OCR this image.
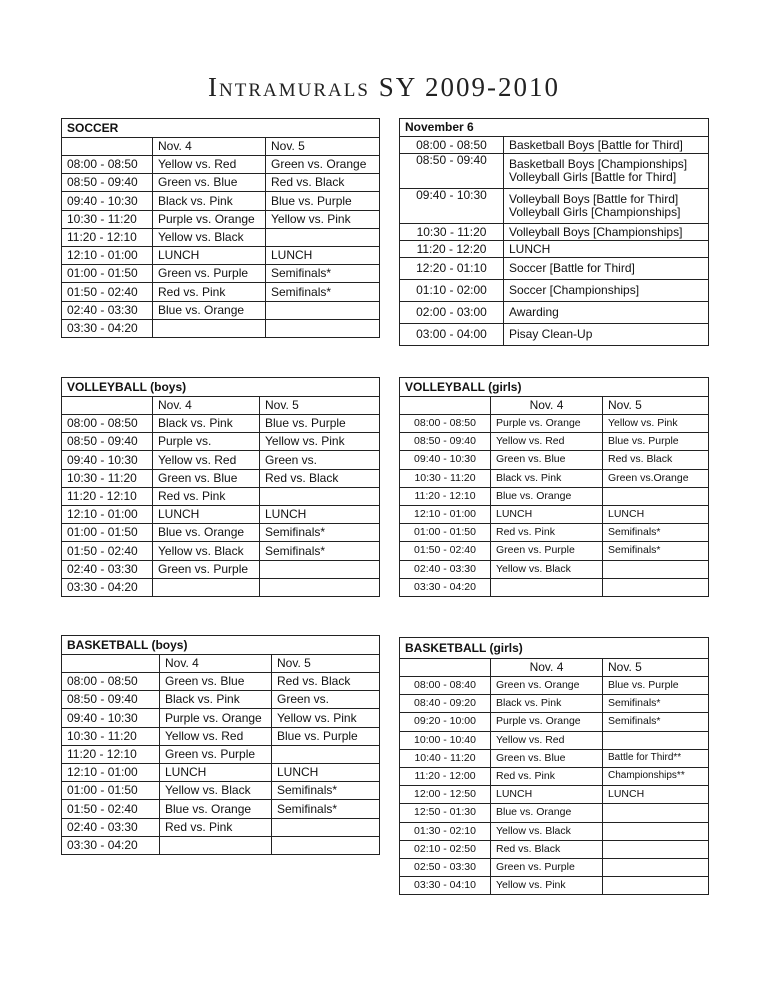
Intramurals SY 2009-2010
SOCCER		
	Nov. 4	Nov. 5
08:00 - 08:50	Yellow vs. Red	Green vs. Orange
08:50 - 09:40	Green vs. Blue	Red vs. Black
09:40 - 10:30	Black vs. Pink	Blue vs. Purple
10:30 - 11:20	Purple vs. Orange	Yellow vs. Pink
11:20 - 12:10	Yellow vs. Black	
12:10 - 01:00	LUNCH	LUNCH
01:00 - 01:50	Green vs. Purple	Semifinals*
01:50 - 02:40	Red vs. Pink	Semifinals*
02:40 - 03:30	Blue vs. Orange	
03:30 - 04:20		
November 6	
08:00 - 08:50	Basketball Boys [Battle for Third]

08:50 - 09:40	Basketball Boys [Championships]
Volleyball Girls [Battle for Third]

09:40 - 10:30	Volleyball Boys [Battle for Third]
Volleyball Girls [Championships]

10:30 - 11:20	Volleyball Boys [Championships]

11:20 - 12:20	LUNCH

12:20 - 01:10	Soccer [Battle for Third]

01:10 - 02:00	Soccer [Championships]

02:00 - 03:00	Awarding

03:00 - 04:00	Pisay Clean-Up
VOLLEYBALL (boys)		
	Nov. 4	Nov. 5
08:00 - 08:50	Black vs. Pink	Blue vs. Purple
08:50 - 09:40	Purple vs.	Yellow vs. Pink
09:40 - 10:30	Yellow vs. Red	Green vs.
10:30 - 11:20	Green vs. Blue	Red vs. Black
11:20 - 12:10	Red vs. Pink	
12:10 - 01:00	LUNCH	LUNCH
01:00 - 01:50	Blue vs. Orange	Semifinals*
01:50 - 02:40	Yellow vs. Black	Semifinals*
02:40 - 03:30	Green vs. Purple	
03:30 - 04:20		
VOLLEYBALL (girls)		
	Nov. 4	Nov. 5
08:00 - 08:50	Purple vs. Orange	Yellow vs. Pink
08:50 - 09:40	Yellow vs. Red	Blue vs. Purple
09:40 - 10:30	Green vs. Blue	Red vs. Black
10:30 - 11:20	Black vs. Pink	Green vs.Orange
11:20 - 12:10	Blue vs. Orange	
12:10 - 01:00	LUNCH	LUNCH
01:00 - 01:50	Red vs. Pink	Semifinals*
01:50 - 02:40	Green vs. Purple	Semifinals*
02:40 - 03:30	Yellow vs. Black	
03:30 - 04:20		
BASKETBALL (boys)		
	Nov. 4	Nov. 5
08:00 - 08:50	Green vs. Blue	Red vs. Black
08:50 - 09:40	Black vs. Pink	Green vs.
09:40 - 10:30	Purple vs. Orange	Yellow vs. Pink
10:30 - 11:20	Yellow vs. Red	Blue vs. Purple
11:20 - 12:10	Green vs. Purple	
12:10 - 01:00	LUNCH	LUNCH
01:00 - 01:50	Yellow vs. Black	Semifinals*
01:50 - 02:40	Blue vs. Orange	Semifinals*
02:40 - 03:30	Red vs. Pink	
03:30 - 04:20		
BASKETBALL (girls)		
	Nov. 4	Nov. 5
08:00 - 08:40	Green vs. Orange	Blue vs. Purple
08:40 - 09:20	Black vs. Pink	Semifinals*
09:20 - 10:00	Purple vs. Orange	Semifinals*
10:00 - 10:40	Yellow vs. Red	
10:40 - 11:20	Green vs. Blue	Battle for Third**
11:20 - 12:00	Red vs. Pink	Championships**
12:00 - 12:50	LUNCH	LUNCH
12:50 - 01:30	Blue vs. Orange	
01:30 - 02:10	Yellow vs. Black	
02:10 - 02:50	Red vs. Black	
02:50 - 03:30	Green vs. Purple	
03:30 - 04:10	Yellow vs. Pink	
